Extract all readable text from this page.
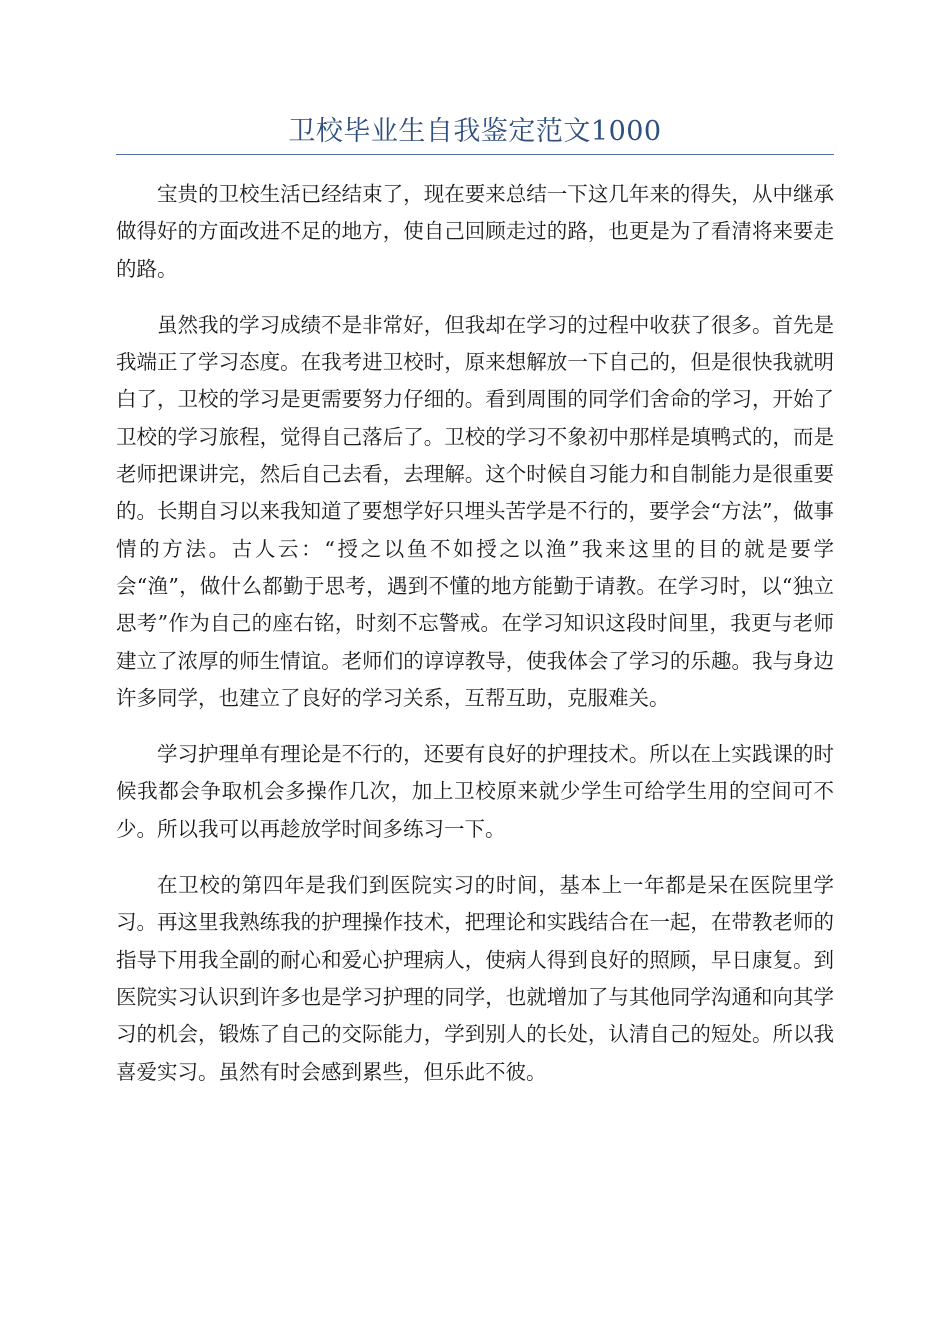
卫校毕业生自我鉴定范文1000

宝贵的卫校生活已经结束了，现在要来总结一下这几年来的得失，从中继承做得好的方面改进不足的地方，使自己回顾走过的路，也更是为了看清将来要走的路。

虽然我的学习成绩不是非常好，但我却在学习的过程中收获了很多。首先是我端正了学习态度。在我考进卫校时，原来想解放一下自己的，但是很快我就明白了，卫校的学习是更需要努力仔细的。看到周围的同学们舍命的学习，开始了卫校的学习旅程，觉得自己落后了。卫校的学习不象初中那样是填鸭式的，而是老师把课讲完，然后自己去看，去理解。这个时候自习能力和自制能力是很重要的。长期自习以来我知道了要想学好只埋头苦学是不行的，要学会“方法”，做事情的方法。古人云：“授之以鱼不如授之以渔”我来这里的目的就是要学会“渔”，做什么都勤于思考，遇到不懂的地方能勤于请教。在学习时，以“独立思考”作为自己的座右铭，时刻不忘警戒。在学习知识这段时间里，我更与老师建立了浓厚的师生情谊。老师们的谆谆教导，使我体会了学习的乐趣。我与身边许多同学，也建立了良好的学习关系，互帮互助，克服难关。

学习护理单有理论是不行的，还要有良好的护理技术。所以在上实践课的时候我都会争取机会多操作几次，加上卫校原来就少学生可给学生用的空间可不少。所以我可以再趁放学时间多练习一下。

在卫校的第四年是我们到医院实习的时间，基本上一年都是呆在医院里学习。再这里我熟练我的护理操作技术，把理论和实践结合在一起，在带教老师的指导下用我全副的耐心和爱心护理病人，使病人得到良好的照顾，早日康复。到医院实习认识到许多也是学习护理的同学，也就增加了与其他同学沟通和向其学习的机会，锻炼了自己的交际能力，学到别人的长处，认清自己的短处。所以我喜爱实习。虽然有时会感到累些，但乐此不彼。
